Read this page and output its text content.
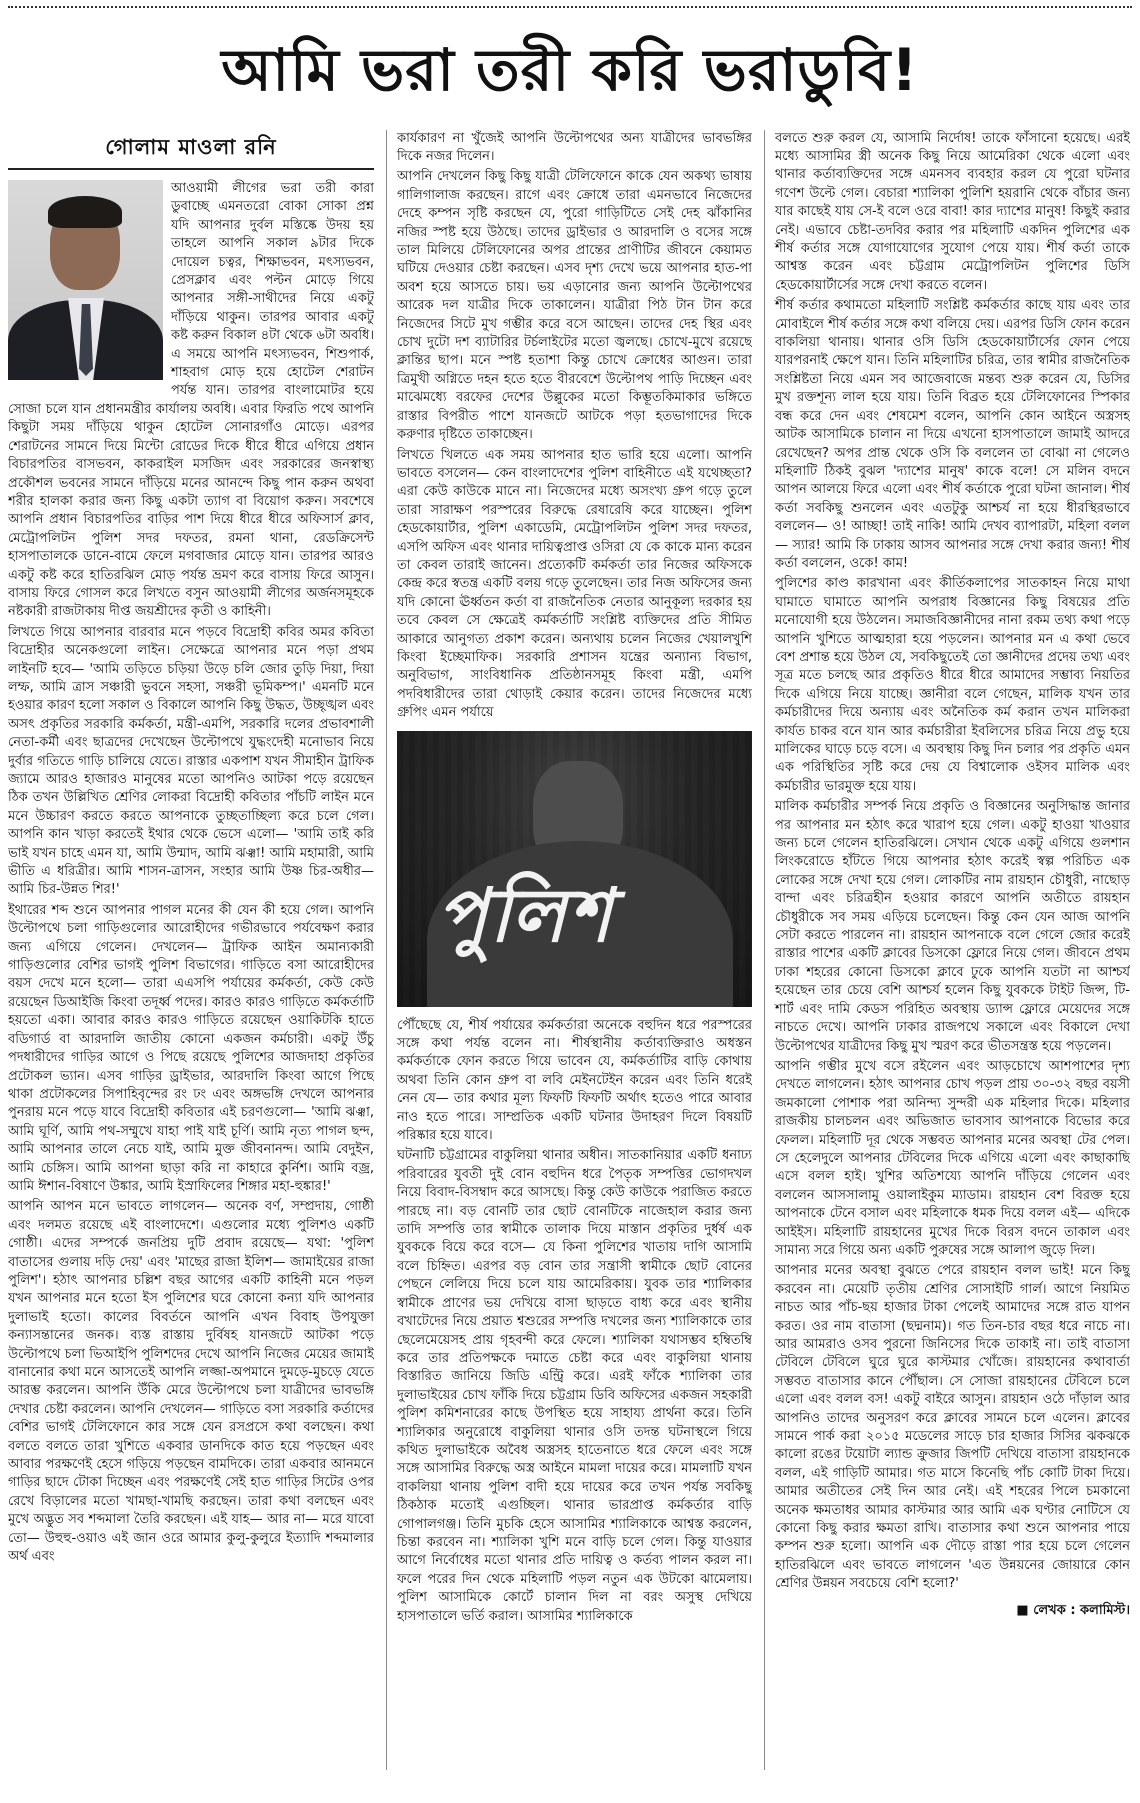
আমি ভরা তরী করি ভরাডুবি!
গোলাম মাওলা রনি

আওয়ামী লীগের ভরা তরী কারা ডুবাচ্ছে এমনতরো বোকা সোকা প্রশ্ন যদি আপনার দুর্বল মস্তিষ্কে উদয় হয় তাহলে আপনি সকাল ৯টার দিকে দোয়েল চত্বর, শিক্ষাভবন, মৎস্যভবন, প্রেসক্লাব এবং পল্টন মোড়ে গিয়ে আপনার সঙ্গী-সাথীদের নিয়ে একটু দাঁড়িয়ে থাকুন। তারপর আবার একটু কষ্ট করুন বিকাল ৪টা থেকে ৬টা অবধি। এ সময়ে আপনি মৎস্যভবন, শিশুপার্ক, শাহবাগ মোড় হয়ে হোটেল শেরাটন পর্যন্ত যান। তারপর বাংলামোটর হয়ে সোজা চলে যান প্রধানমন্ত্রীর কার্যালয় অবধি। এবার ফিরতি পথে আপনি কিছুটা সময় দাঁড়িয়ে থাকুন হোটেল সোনারগাঁও মোড়ে। এরপর শেরাটনের সামনে দিয়ে মিন্টো রোডের দিকে ধীরে ধীরে এগিয়ে প্রধান বিচারপতির বাসভবন, কাকরাইল মসজিদ এবং সরকারের জনস্বাস্থ্য প্রকৌশল ভবনের সামনে দাঁড়িয়ে মনের আনন্দে কিছু পান করুন অথবা শরীর হালকা করার জন্য কিছু একটা ত্যাগ বা বিয়োগ করুন। সবশেষে আপনি প্রধান বিচারপতির বাড়ির পাশ দিয়ে ধীরে ধীরে অফিসার্স ক্লাব, মেট্রোপলিটন পুলিশ সদর দফতর, রমনা থানা, রেডক্রিসেন্ট হাসপাতালকে ডানে-বামে ফেলে মগবাজার মোড়ে যান। তারপর আরও একটু কষ্ট করে হাতিরঝিল মোড় পর্যন্ত ভ্রমণ করে বাসায় ফিরে আসুন। বাসায় ফিরে গোসল করে লিখতে বসুন আওয়ামী লীগের অর্জনসমূহকে নষ্টকারী রাজটাকায় দীপ্ত জয়শ্রীদের কৃতী ও কাহিনী।

লিখতে গিয়ে আপনার বারবার মনে পড়বে বিদ্রোহী কবির অমর কবিতা বিদ্রোহীর অনেকগুলো লাইন। সেক্ষেত্রে আপনার মনে পড়া প্রথম লাইনটি হবে— 'আমি তড়িতে চড়িয়া উড়ে চলি জোর তুড়ি দিয়া, দিয়া লম্ফ, আমি ত্রাস সঞ্চারী ভুবনে সহসা, সঞ্চরী ভূমিকম্প।' এমনটি মনে হওয়ার কারণ হলো সকাল ও বিকালে আপনি কিছু উদ্ধত, উচ্ছৃঙ্খল এবং অসৎ প্রকৃতির সরকারি কর্মকর্তা, মন্ত্রী-এমপি, সরকারি দলের প্রভাবশালী নেতা-কর্মী এবং ছাত্রদের দেখেছেন উল্টোপথে যুদ্ধংদেহী মনোভাব নিয়ে দুর্বার গতিতে গাড়ি চালিয়ে যেতে। রাস্তার একপাশ যখন সীমাহীন ট্রাফিক জ্যামে আরও হাজারও মানুষের মতো আপনিও আটকা পড়ে রয়েছেন ঠিক তখন উল্লিখিত শ্রেণির লোকরা বিদ্রোহী কবিতার পাঁচটি লাইন মনে মনে উচ্চারণ করতে করতে আপনাকে তুচ্ছতাচ্ছিল্য করে চলে গেল। আপনি কান খাড়া করতেই ইথার থেকে ভেসে এলো— 'আমি তাই করি ভাই যখন চাহে এমন যা, আমি উন্মাদ, আমি ঝঞ্ঝা! আমি মহামারী, আমি ভীতি এ ধরিত্রীর। আমি শাসন-ত্রাসন, সংহার আমি উষ্ণ চির-অধীর— আমি চির-উন্নত শির!'

ইথারের শব্দ শুনে আপনার পাগল মনের কী যেন কী হয়ে গেল। আপনি উল্টোপথে চলা গাড়িগুলোর আরোহীদের গভীরভাবে পর্যবেক্ষণ করার জন্য এগিয়ে গেলেন। দেখলেন— ট্রাফিক আইন অমান্যকারী গাড়িগুলোর বেশির ভাগই পুলিশ বিভাগের। গাড়িতে বসা আরোহীদের বয়স দেখে মনে হলো— তারা এএসপি পর্যায়ের কর্মকর্তা, কেউ কেউ রয়েছেন ডিআইজি কিংবা তদূর্ধ্ব পদের। কারও কারও গাড়িতে কর্মকর্তাটি হয়তো একা। আবার কারও কারও গাড়িতে রয়েছেন ওয়াকিটকি হাতে বডিগার্ড বা আরদালি জাতীয় কোনো একজন কর্মচারী। একটু উঁচু পদধারীদের গাড়ির আগে ও পিছে রয়েছে পুলিশের আজদাহা প্রকৃতির প্রটোকল ভ্যান। এসব গাড়ির ড্রাইভার, আরদালি কিংবা আগে পিছে থাকা প্রটোকলের সিপাহিবৃন্দের রং ঢং এবং অঙ্গভঙ্গি দেখলে আপনার পুনরায় মনে পড়ে যাবে বিদ্রোহী কবিতার এই চরণগুলো— 'আমি ঝঞ্ঝা, আমি ঘূর্ণি, আমি পথ-সম্মুখে যাহা পাই যাই চূর্ণি। আমি নৃত্য পাগল ছন্দ, আমি আপনার তালে নেচে যাই, আমি মুক্ত জীবনানন্দ। আমি বেদুইন, আমি চেঙ্গিস। আমি আপনা ছাড়া করি না কাহারে কুর্নিশ। আমি বজ্র, আমি ঈশান-বিষাণে উঙ্কার, আমি ইস্রাফিলের শিঙ্গার মহা-হুঙ্কার!'

আপনি আপন মনে ভাবতে লাগলেন— অনেক বর্ণ, সম্প্রদায়, গোষ্ঠী এবং দলমত রয়েছে এই বাংলাদেশে। এগুলোর মধ্যে পুলিশও একটি গোষ্ঠী। এদের সম্পর্কে জনপ্রিয় দুটি প্রবাদ রয়েছে— যথা: 'পুলিশ বাতাসের গুলায় দড়ি দেয়' এবং 'মাছের রাজা ইলিশ— জামাইয়ের রাজা পুলিশ'। হঠাৎ আপনার চল্লিশ বছর আগের একটি কাহিনী মনে পড়ল যখন আপনার মনে হতো ইস পুলিশের ঘরে কোনো কন্যা যদি আপনার দুলাভাই হতো। কালের বিবর্তনে আপনি এখন বিবাহ উপযুক্তা কন্যাসন্তানের জনক। ব্যস্ত রাস্তায় দুর্বিষহ যানজটে আটকা পড়ে উল্টোপথে চলা ভিআইপি পুলিশদের দেখে আপনি নিজের মেয়ের জামাই বানানোর কথা মনে আসতেই আপনি লজ্জা-অপমানে দুমড়ে-মুচড়ে যেতে আরম্ভ করলেন। আপনি উঁকি মেরে উল্টোপথে চলা যাত্রীদের ভাবভঙ্গি দেখার চেষ্টা করলেন। আপনি দেখলেন— গাড়িতে বসা সরকারি কর্তাদের বেশির ভাগই টেলিফোনে কার সঙ্গে যেন রসপ্রসে কথা বলছেন। কথা বলতে বলতে তারা খুশিতে একবার ডানদিকে কাত হয়ে পড়ছেন এবং আবার পরক্ষণেই হেসে গড়িয়ে পড়ছেন বামদিকে। তারা একবার আনমনে গাড়ির ছাদে টোকা দিচ্ছেন এবং পরক্ষণেই সেই হাত গাড়ির সিটের ওপর রেখে বিড়ালের মতো খামছা-খামছি করছেন। তারা কথা বলছেন এবং মুখে অদ্ভুত সব শব্দমালা তৈরি করছেন। এই যাহ— আর না— মরে যাবো তো— উহুহু-ওয়াও এই জান ওরে আমার কুলু-কুলুরে ইত্যাদি শব্দমালার অর্থ এবং

কার্যকারণ না খুঁজেই আপনি উল্টোপথের অন্য যাত্রীদের ভাবভঙ্গির দিকে নজর দিলেন।

আপনি দেখলেন কিছু কিছু যাত্রী টেলিফোনে কাকে যেন অকথ্য ভাষায় গালিগালাজ করছেন। রাগে এবং ক্রোধে তারা এমনভাবে নিজেদের দেহে কম্পন সৃষ্টি করছেন যে, পুরো গাড়িটিতে সেই দেহ ঝাঁকানির নজির স্পষ্ট হয়ে উঠছে। তাদের ড্রাইভার ও আরদালি ও বসের সঙ্গে তাল মিলিয়ে টেলিফোনের অপর প্রান্তের প্রাণীটির জীবনে কেয়ামত ঘটিয়ে দেওয়ার চেষ্টা করছেন। এসব দৃশ্য দেখে ভয়ে আপনার হাত-পা অবশ হয়ে আসতে চায়। ভয় এড়ানোর জন্য আপনি উল্টোপথের আরেক দল যাত্রীর দিকে তাকালেন। যাত্রীরা পিঠ টান টান করে নিজেদের সিটে মুখ গম্ভীর করে বসে আছেন। তাদের দেহ স্থির এবং চোখ দুটো দশ ব্যাটারির টর্চলাইটের মতো জ্বলছে। চোখে-মুখে রয়েছে ক্লান্তির ছাপ। মনে স্পষ্ট হতাশা কিন্তু চোখে ক্রোধের আগুন। তারা ত্রিমুখী অগ্নিতে দহন হতে হতে বীরবেশে উল্টোপথ পাড়ি দিচ্ছেন এবং মাঝেমধ্যে বরফের দেশের উল্লুকের মতো কিম্ভূতকিমাকার ভঙ্গিতে রাস্তার বিপরীত পাশে যানজটে আটকে পড়া হতভাগাদের দিকে করুণার দৃষ্টিতে তাকাচ্ছেন।

লিখতে খিলতে এক সময় আপনার হাত ভারি হয়ে এলো। আপনি ভাবতে বসলেন— কেন বাংলাদেশের পুলিশ বাহিনীতে এই যথেচ্ছতা? এরা কেউ কাউকে মানে না। নিজেদের মধ্যে অসংখ্য গ্রুপ গড়ে তুলে তারা সারাক্ষণ পরস্পরের বিরুদ্ধে রেষারেষি করে যাচ্ছেন। পুলিশ হেডকোয়ার্টার, পুলিশ একাডেমি, মেট্রোপলিটন পুলিশ সদর দফতর, এসপি অফিস এবং থানার দায়িত্বপ্রাপ্ত ওসিরা যে কে কাকে মান্য করেন তা কেবল তারাই জানেন। প্রত্যেকটি কর্মকর্তা তার নিজের অফিসকে কেন্দ্র করে স্বতন্ত্র একটি বলয় গড়ে তুলেছেন। তার নিজ অফিসের জন্য যদি কোনো ঊর্ধ্বতন কর্তা বা রাজনৈতিক নেতার আনুকূল্য দরকার হয় তবে কেবল সে ক্ষেত্রেই কর্মকর্তাটি সংশ্লিষ্ট ব্যক্তিদের প্রতি সীমিত আকারে আনুগত্য প্রকাশ করেন। অন্যথায় চলেন নিজের খেয়ালখুশি কিংবা ইচ্ছেমাফিক। সরকারি প্রশাসন যন্ত্রের অন্যান্য বিভাগ, অনুবিভাগ, সাংবিধানিক প্রতিষ্ঠানসমূহ কিংবা মন্ত্রী, এমপি পদবিধারীদের তারা থোড়াই কেয়ার করেন। তাদের নিজেদের মধ্যে গ্রুপিং এমন পর্যায়ে

পুলিশ

পৌঁছেছে যে, শীর্ষ পর্যায়ের কর্মকর্তারা অনেকে বহুদিন ধরে পরস্পরের সঙ্গে কথা পর্যন্ত বলেন না। শীর্ষস্থানীয় কর্তাব্যক্তিরাও অধস্তন কর্মকর্তাকে ফোন করতে গিয়ে ভাবেন যে, কর্মকর্তাটির বাড়ি কোথায় অথবা তিনি কোন গ্রুপ বা লবি মেইনটেইন করেন এবং তিনি ধরেই নেন যে— তার কথার মূল্য ফিফটি ফিফটি অর্থাৎ হতেও পারে আবার নাও হতে পারে। সাম্প্রতিক একটি ঘটনার উদাহরণ দিলে বিষয়টি পরিষ্কার হয়ে যাবে।

ঘটনাটি চট্টগ্রামের বাকুলিয়া থানার অধীন। সাতকানিয়ার একটি ধনাঢ্য পরিবারের যুবতী দুই বোন বহুদিন ধরে পৈতৃক সম্পত্তির ভোগদখল নিয়ে বিবাদ-বিসম্বাদ করে আসছে। কিন্তু কেউ কাউকে পরাজিত করতে পারছে না। বড় বোনটি তার ছোট বোনটিকে নাজেহাল করার জন্য তাদি সম্পত্তি তার স্বামীকে তালাক দিয়ে মাস্তান প্রকৃতির দুর্ধর্ষ এক যুবককে বিয়ে করে বসে— যে কিনা পুলিশের খাতায় দাগি আসামি বলে চিহ্নিত। এরপর বড় বোন তার সন্ত্রাসী স্বামীকে ছোট বোনের পেছনে লেলিয়ে দিয়ে চলে যায় আমেরিকায়। যুবক তার শ্যালিকার স্বামীকে প্রাণের ভয় দেখিয়ে বাসা ছাড়তে বাধ্য করে এবং স্থানীয় বখাটেদের নিয়ে প্রয়াত শ্বশুরের সম্পত্তি দখলের জন্য শ্যালিকাকে তার ছেলেমেয়েসহ প্রায় গৃহবন্দী করে ফেলে। শ্যালিকা যথাসম্ভব হম্বিতম্বি করে তার প্রতিপক্ষকে দমাতে চেষ্টা করে এবং বাকুলিয়া থানায় বিস্তারিত জানিয়ে জিডি এন্ট্রি করে। এরই ফাঁকে শ্যালিকা তার দুলাভাইয়ের চোখ ফাঁকি দিয়ে চট্টগ্রাম ডিবি অফিসের একজন সহকারী পুলিশ কমিশনারের কাছে উপস্থিত হয়ে সাহায্য প্রার্থনা করে। তিনি শ্যালিকার অনুরোধে বাকুলিয়া থানার ওসি তদন্ত ঘটনাস্থলে গিয়ে কথিত দুলাভাইকে অবৈধ অস্ত্রসহ হাতেনাতে ধরে ফেলে এবং সঙ্গে সঙ্গে আসামির বিরুদ্ধে অস্ত্র আইনে মামলা দায়ের করে। মামলাটি যখন বাকলিয়া থানায় পুলিশ বাদী হয়ে দায়ের করে তখন পর্যন্ত সবকিছু ঠিকঠাক মতোই এগুচ্ছিল। থানার ভারপ্রাপ্ত কর্মকর্তার বাড়ি গোপালগঞ্জ। তিনি মুচকি হেসে আসামির শ্যালিকাকে আশ্বস্ত করলেন, চিন্তা করবেন না। শ্যালিকা খুশি মনে বাড়ি চলে গেল। কিন্তু যাওয়ার আগে নির্বোধের মতো থানার প্রতি দায়িত্ব ও কর্তব্য পালন করল না। ফলে পরের দিন থেকে মহিলাটি পড়ল নতুন এক উটকো ঝামেলায়। পুলিশ আসামিকে কোর্টে চালান দিল না বরং অসুস্থ দেখিয়ে হাসপাতালে ভর্তি করাল। আসামির শ্যালিকাকে

বলতে শুরু করল যে, আসামি নির্দোষ! তাকে ফাঁসানো হয়েছে। এরই মধ্যে আসামির স্ত্রী অনেক কিছু নিয়ে আমেরিকা থেকে এলো এবং থানার কর্তাব্যক্তিদের সঙ্গে এমনসব ব্যবহার করল যে পুরো ঘটনার গণেশ উল্টে গেল। বেচারা শ্যালিকা পুলিশি হয়রানি থেকে বাঁচার জন্য যার কাছেই যায় সে-ই বলে ওরে বাবা! কার দ্যাশের মানুষ! কিছুই করার নেই। এভাবে চেষ্টা-তদবির করার পর মহিলাটি একদিন পুলিশের এক শীর্ষ কর্তার সঙ্গে যোগাযোগের সুযোগ পেয়ে যায়। শীর্ষ কর্তা তাকে আশ্বস্ত করেন এবং চট্টগ্রাম মেট্রোপলিটন পুলিশের ডিসি হেডকোয়ার্টার্সের সঙ্গে দেখা করতে বলেন।

শীর্ষ কর্তার কথামতো মহিলাটি সংশ্লিষ্ট কর্মকর্তার কাছে যায় এবং তার মোবাইলে শীর্ষ কর্তার সঙ্গে কথা বলিয়ে দেয়। এরপর ডিসি ফোন করেন বাকলিয়া থানায়। থানার ওসি ডিসি হেডকোয়ার্টার্সের ফোন পেয়ে যারপরনাই ক্ষেপে যান। তিনি মহিলাটির চরিত্র, তার স্বামীর রাজনৈতিক সংশ্লিষ্টতা নিয়ে এমন সব আজেবাজে মন্তব্য শুরু করেন যে, ডিসির মুখ রক্তশূন্য লাল হয়ে যায়। তিনি বিব্রত হয়ে টেলিফোনের স্পিকার বন্ধ করে দেন এবং শেষমেশ বলেন, আপনি কোন আইনে অস্ত্রসহ আটক আসামিকে চালান না দিয়ে এখনো হাসপাতালে জামাই আদরে রেখেছেন? অপর প্রান্ত থেকে ওসি কি বললেন তা বোঝা না গেলেও মহিলাটি ঠিকই বুঝল 'দ্যাশের মানুষ' কাকে বলে! সে মলিন বদনে আপন আলয়ে ফিরে এলো এবং শীর্ষ কর্তাকে পুরো ঘটনা জানাল। শীর্ষ কর্তা সবকিছু শুনলেন এবং এতটুকু আশ্চর্য না হয়ে ধীরস্থিরভাবে বললেন— ও! আচ্ছা! তাই নাকি! আমি দেখব ব্যাপারটা, মহিলা বলল— স্যার! আমি কি ঢাকায় আসব আপনার সঙ্গে দেখা করার জন্য! শীর্ষ কর্তা বললেন, ওকে! কাম!

পুলিশের কাণ্ড কারখানা এবং কীর্তিকলাপের সাতকাহন নিয়ে মাথা ঘামাতে ঘামাতে আপনি অপরাধ বিজ্ঞানের কিছু বিষয়ের প্রতি মনোযোগী হয়ে উঠলেন। সমাজবিজ্ঞানীদের নানা রকম তথ্য কথা পড়ে আপনি খুশিতে আত্মহারা হয়ে পড়লেন। আপনার মন এ কথা ভেবে বেশ প্রশান্ত হয়ে উঠল যে, সবকিছুতেই তো জ্ঞানীদের প্রদেয় তথ্য এবং সূত্র মতে চলছে আর প্রকৃতিও ধীরে ধীরে আমাদের সম্ভাব্য নিয়তির দিকে এগিয়ে নিয়ে যাচ্ছে। জ্ঞানীরা বলে গেছেন, মালিক যখন তার কর্মচারীদের দিয়ে অন্যায় এবং অনৈতিক কর্ম করান তখন মালিকরা কার্যত চাকর বনে যান আর কর্মচারীরা ইবলিসের চরিত্র নিয়ে প্রভু হয়ে মালিকের ঘাড়ে চড়ে বসে। এ অবস্থায় কিছু দিন চলার পর প্রকৃতি এমন এক পরিস্থিতির সৃষ্টি করে দেয় যে বিশ্বালোক ওইসব মালিক এবং কর্মচারীর ভারমুক্ত হয়ে যায়।

মালিক কর্মচারীর সম্পর্ক নিয়ে প্রকৃতি ও বিজ্ঞানের অনুসিদ্ধান্ত জানার পর আপনার মন হঠাৎ করে খারাপ হয়ে গেল। একটু হাওয়া খাওয়ার জন্য চলে গেলেন হাতিরঝিলে। সেখান থেকে একটু এগিয়ে গুলশান লিংকরোডে হাঁটতে গিয়ে আপনার হঠাৎ করেই স্বল্প পরিচিত এক লোকের সঙ্গে দেখা হয়ে গেল। লোকটির নাম রায়হান চৌধুরী, নাছোড় বান্দা এবং চরিত্রহীন হওয়ার কারণে আপনি অতীতে রায়হান চৌধুরীকে সব সময় এড়িয়ে চলেছেন। কিন্তু কেন যেন আজ আপনি সেটা করতে পারলেন না। রায়হান আপনাকে বলে গেলে জোর করেই রাস্তার পাশের একটি ক্লাবের ডিসকো ফ্লোরে নিয়ে গেল। জীবনে প্রথম ঢাকা শহরের কোনো ডিসকো ক্লাবে ঢুকে আপনি যতটা না আশ্চর্য হয়েছেন তার চেয়ে বেশি আশ্চর্য হলেন কিছু যুবককে টাইট জিন্স, টি-শার্ট এবং দামি কেডস পরিহিত অবস্থায় ড্যান্স ফ্লোরে মেয়েদের সঙ্গে নাচতে দেখে। আপনি ঢাকার রাজপথে সকালে এবং বিকালে দেখা উল্টোপথের যাত্রীদের কিছু মুখ স্মরণ করে ভীতসন্ত্রস্ত হয়ে পড়লেন।

আপনি গম্ভীর মুখে বসে রইলেন এবং আড়চোখে আশপাশের দৃশ্য দেখতে লাগলেন। হঠাৎ আপনার চোখ পড়ল প্রায় ৩০-৩২ বছর বয়সী জমকালো পোশাক পরা অনিন্দ্য সুন্দরী এক মহিলার দিকে। মহিলার রাজকীয় চালচলন এবং অভিজাত ভাবসাব আপনাকে বিভোর করে ফেলল। মহিলাটি দূর থেকে সম্ভবত আপনার মনের অবস্থা টের পেল। সে হেলেদুলে আপনার টেবিলের দিকে এগিয়ে এলো এবং কাছাকাছি এসে বলল হাই। খুশির অতিশয্যে আপনি দাঁড়িয়ে গেলেন এবং বললেন আসসালামু ওয়ালাইকুম ম্যাডাম। রায়হান বেশ বিরক্ত হয়ে আপনাকে টেনে বসাল এবং মহিলাকে ধমক দিয়ে বলল এই— এদিকে আইইস। মহিলাটি রায়হানের মুখের দিকে বিরস বদনে তাকাল এবং সামান্য সরে গিয়ে অন্য একটি পুরুষের সঙ্গে আলাপ জুড়ে দিল।

আপনার মনের অবস্থা বুঝতে পেরে রায়হান বলল ভাই! মনে কিছু করবেন না। মেয়েটি তৃতীয় শ্রেণির সোসাইটি গার্ল। আগে নিয়মিত নাচত আর পাঁচ-ছয় হাজার টাকা পেলেই আমাদের সঙ্গে রাত যাপন করত। ওর নাম বাতাসা (ছদ্মনাম)। গত তিন-চার বছর ধরে নাচে না। আর আমরাও ওসব পুরনো জিনিসের দিকে তাকাই না। তাই বাতাসা টেবিলে টেবিলে ঘুরে ঘুরে কাস্টমার খোঁজে। রায়হানের কথাবার্তা সম্ভবত বাতাসার কানে পৌঁছাল। সে সোজা রায়হানের টেবিলে চলে এলো এবং বলল বস! একটু বাইরে আসুন। রায়হান ওঠে দাঁড়াল আর আপনিও তাদের অনুসরণ করে ক্লাবের সামনে চলে এলেন। ক্লাবের সামনে পার্ক করা ২০১৫ মডেলের সাড়ে চার হাজার সিসির ঝকঝকে কালো রঙের টয়োটা ল্যান্ড ক্রুজার জিপটি দেখিয়ে বাতাসা রায়হানকে বলল, এই গাড়িটি আমার। গত মাসে কিনেছি পাঁচ কোটি টাকা দিয়ে। আমার অতীতের সেই দিন আর নেই। এই শহরের পিলে চমকানো অনেক ক্ষমতাধর আমার কাস্টমার আর আমি এক ঘণ্টার নোটিসে যে কোনো কিছু করার ক্ষমতা রাখি। বাতাসার কথা শুনে আপনার পায়ে কম্পন শুরু হলো। আপনি এক দৌড়ে রাস্তা পার হয়ে চলে গেলেন হাতিরঝিলে এবং ভাবতে লাগলেন 'এত উন্নয়নের জোয়ারে কোন শ্রেণির উন্নয়ন সবচেয়ে বেশি হলো?'

■ লেখক : কলামিস্ট।
